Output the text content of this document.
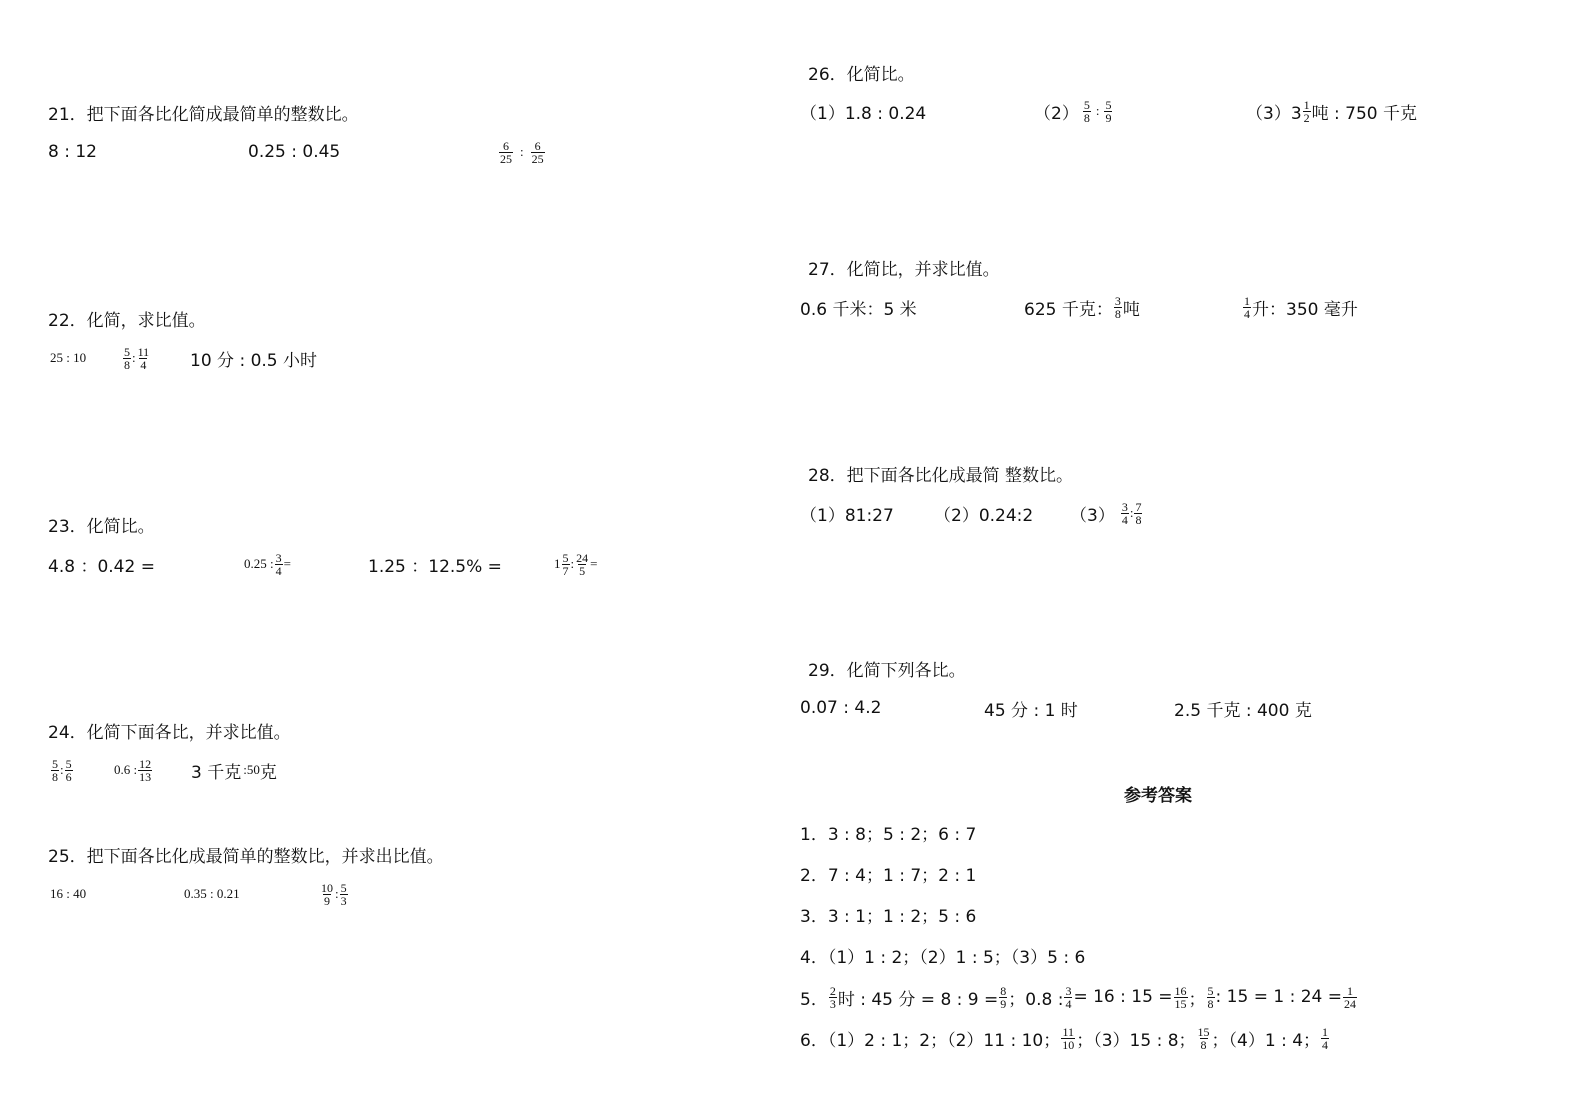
21．把下面各比化简成最简单的整数比。
8 : 12	0.25 : 0.45	$\frac{6}{25}$ : $\frac{6}{25}$
22．化简，求比值。
25 : 10	$\frac{5}{8}$ : $\frac{11}{4} 10$ 分 : 0.5 小时
23．化简比。
4.8 ：0.42 =	0.25 : $\frac{3}{4}$ =	1.25 ：12.5% =	$1 \frac{5}{7}$ : $\frac{24}{5}$ =
24．化简下面各比，并求比值。
$\frac{5}{8}$ : $\frac{5}{6}$	0.6 : $\frac{12}{13} 3$ 千克 : 50 克
25．把下面各比化成最简单的整数比，并求出比值。
16 : 40	0.35 : 0.21	$\frac{10}{9}$ : $\frac{5}{3}$
26．化简比。
（1）1.8 : 0.24	$(2) \frac{5}{8}$ : $\frac{5}{9}$	$(3)3 \frac{1}{2}$ 吨 : 750 千克
27．化简比，并求比值。
0.6 千米：5 米	625 千克： $\frac{3}{8}$ 吨	$\frac{1}{4}$ 升：350 毫升
28．把下面各比化成最简 整数比。
（1）81:27 （2）0.24:2 $(3) \frac{3}{4}$ : $\frac{7}{8}$
29．化简下列各比。
0.07 : 4.2	45 分 : 1 时	2.5 千克 : 400 克
参考答案
1．3 : 8；5 : 2；6 : 7
2．7 : 4；1 : 7；2 : 1
3．3 : 1；1 : 2；5 : 6
4．（1）1 : 2；（2）1 : 5；（3）5 : 6
5． $\frac{2}{3}$ 时 : 45 分 = 8 : $9 = \frac{8}{9}$ ；0.8 : $\frac{3}{4} = 16$ : $15 = \frac{16}{15}$ ； $\frac{5}{8}$ : 15 = 1 : $24 = \frac{1}{24}$
6．（1）2 : 1；2；（2）11 : 10； $\frac{11}{10}$ ；（3）15 : 8； $\frac{15}{8}$ ；（4）1 : 4； $\frac{1}{4}$
